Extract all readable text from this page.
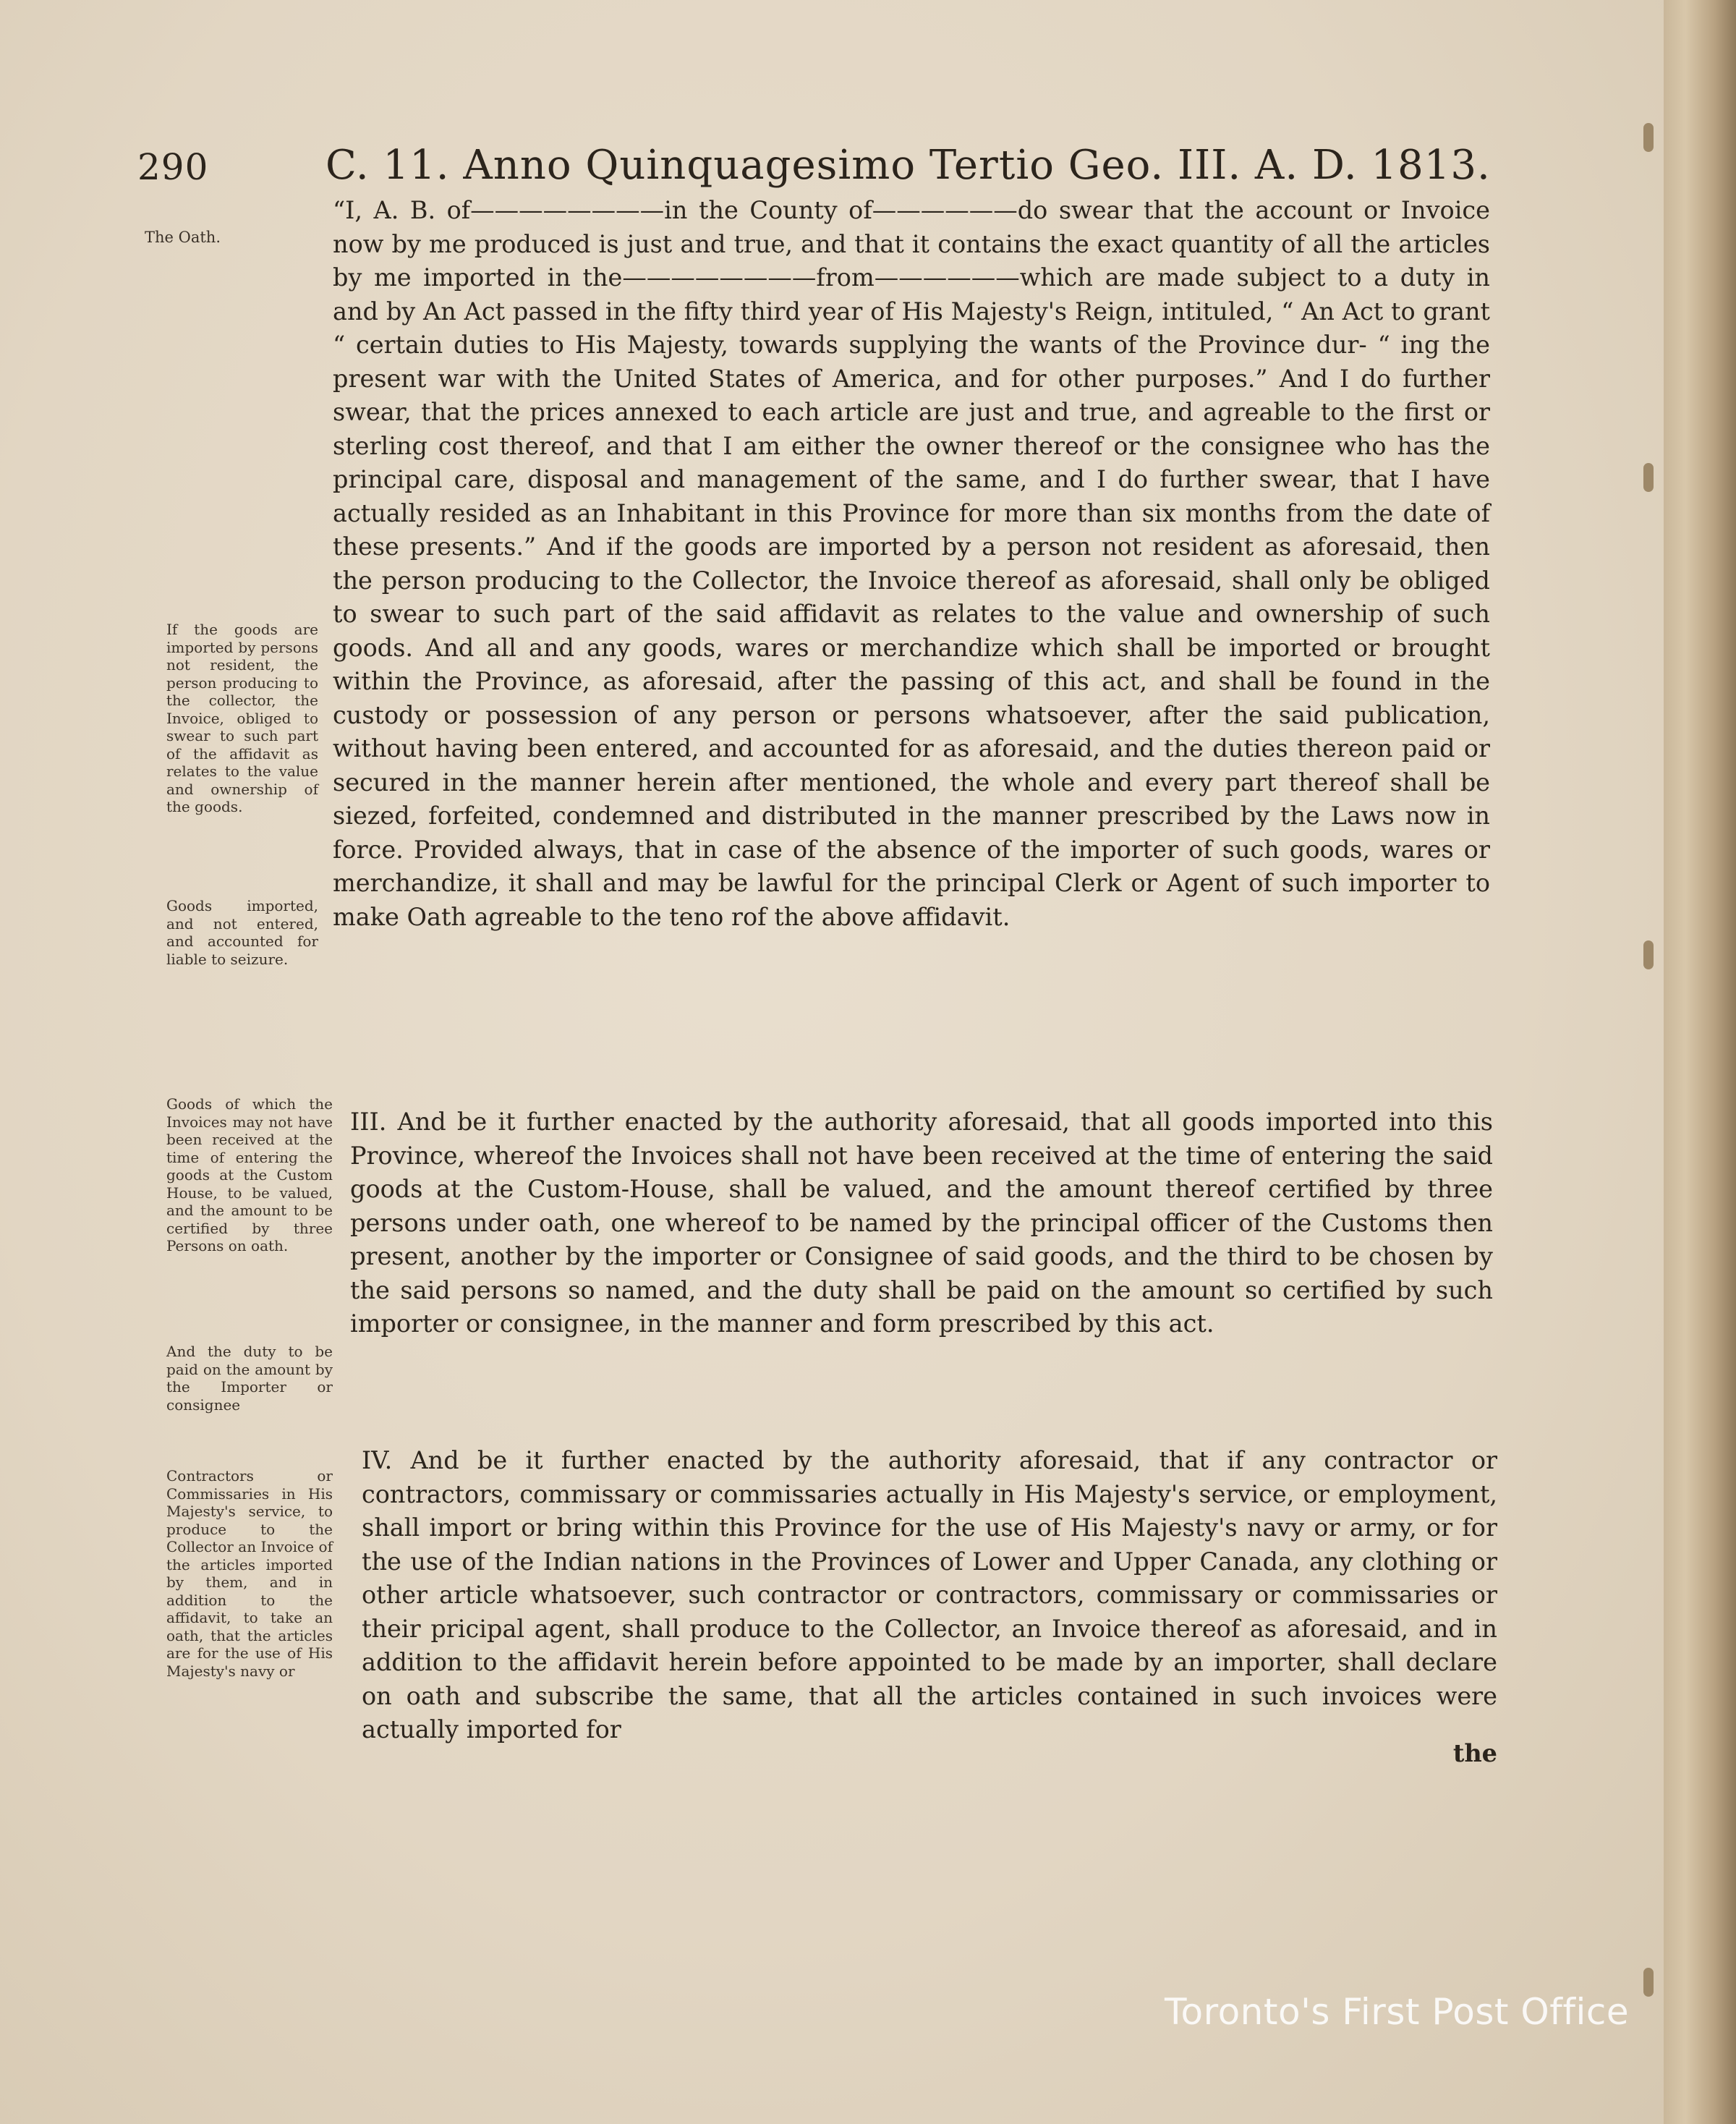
290	C. 11. Anno Quinquagesimo Tertio Geo. III. A. D. 1813.
The Oath.
If the goods are imported by persons not resident, the person producing to the collector, the Invoice, obliged to swear to such part of the affidavit as relates to the value and ownership of the goods.
Goods imported, and not entered, and accounted for liable to seizure.
Goods of which the Invoices may not have been received at the time of entering the goods at the Custom House, to be valued, and the amount to be certified by three Persons on oath.
And the duty to be paid on the amount by the Importer or consignee
Contractors or Commissaries in His Majesty's service, to produce to the Collector an Invoice of the articles imported by them, and in addition to the affidavit, to take an oath, that the articles are for the use of His Majesty's navy or

“I, A. B. of————————in the County of——————do swear that the account or Invoice now by me produced is just and true, and that it contains the exact quantity of all the articles by me imported in the————————from——————which are made subject to a duty in and by An Act passed in the fifty third year of His Majesty's Reign, intituled, “ An Act to grant “ certain duties to His Majesty, towards supplying the wants of the Province dur- “ ing the present war with the United States of America, and for other purposes.” And I do further swear, that the prices annexed to each article are just and true, and agreable to the first or sterling cost thereof, and that I am either the owner thereof or the consignee who has the principal care, disposal and management of the same, and I do further swear, that I have actually resided as an Inhabitant in this Province for more than six months from the date of these presents.” And if the goods are imported by a person not resident as aforesaid, then the person producing to the Collector, the Invoice thereof as aforesaid, shall only be obliged to swear to such part of the said affidavit as relates to the value and ownership of such goods. And all and any goods, wares or merchandize which shall be imported or brought within the Province, as aforesaid, after the passing of this act, and shall be found in the custody or possession of any person or persons whatsoever, after the said publication, without having been entered, and accounted for as aforesaid, and the duties thereon paid or secured in the manner herein after mentioned, the whole and every part thereof shall be siezed, forfeited, condemned and distributed in the manner prescribed by the Laws now in force. Provided always, that in case of the absence of the importer of such goods, wares or merchandize, it shall and may be lawful for the principal Clerk or Agent of such importer to make Oath agreable to the teno rof the above affidavit.

III. And be it further enacted by the authority aforesaid, that all goods imported into this Province, whereof the Invoices shall not have been received at the time of entering the said goods at the Custom-House, shall be valued, and the amount thereof certified by three persons under oath, one whereof to be named by the principal officer of the Customs then present, another by the importer or Consignee of said goods, and the third to be chosen by the said persons so named, and the duty shall be paid on the amount so certified by such importer or consignee, in the manner and form prescribed by this act.

IV. And be it further enacted by the authority aforesaid, that if any contractor or contractors, commissary or commissaries actually in His Majesty's service, or employment, shall import or bring within this Province for the use of His Majesty's navy or army, or for the use of the Indian nations in the Provinces of Lower and Upper Canada, any clothing or other article whatsoever, such contractor or contractors, commissary or commissaries or their pricipal agent, shall produce to the Collector, an Invoice thereof as aforesaid, and in addition to the affidavit herein before appointed to be made by an importer, shall declare on oath and subscribe the same, that all the articles contained in such invoices were actually imported for

the
Toronto's First Post Office
